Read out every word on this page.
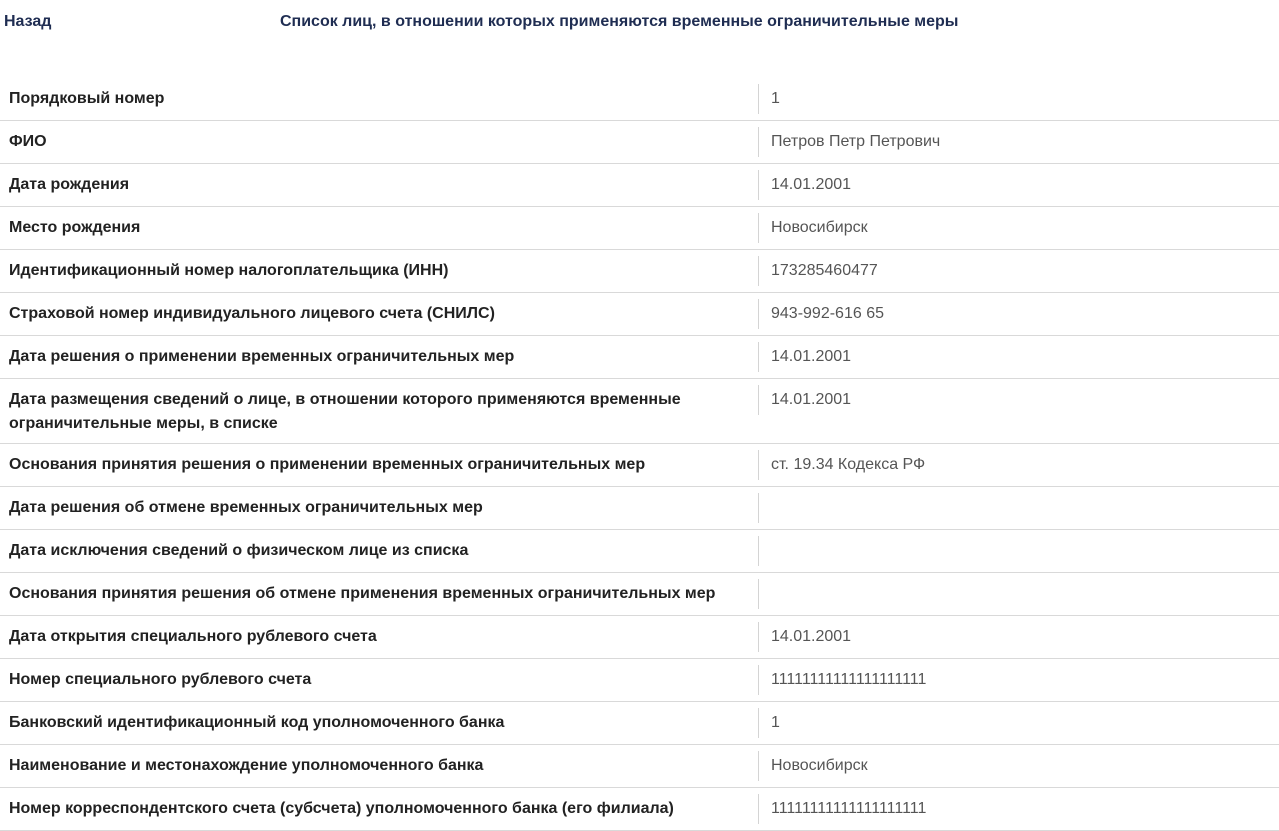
Назад	Список лиц, в отношении которых применяются временные ограничительные меры
Порядковый номер	1

ФИО	Петров Петр Петрович

Дата рождения	14.01.2001

Место рождения	Новосибирск

Идентификационный номер налогоплательщика (ИНН)	173285460477

Страховой номер индивидуального лицевого счета (СНИЛС)	943-992-616 65

Дата решения о применении временных ограничительных мер	14.01.2001

Дата размещения сведений о лице, в отношении которого применяются временные ограничительные меры, в списке	14.01.2001

Основания принятия решения о применении временных ограничительных мер	ст. 19.34 Кодекса РФ

Дата решения об отмене временных ограничительных мер	

Дата исключения сведений о физическом лице из списка	

Основания принятия решения об отмене применения временных ограничительных мер	

Дата открытия специального рублевого счета	14.01.2001

Номер специального рублевого счета	11111111111111111111

Банковский идентификационный код уполномоченного банка	1

Наименование и местонахождение уполномоченного банка	Новосибирск

Номер корреспондентского счета (субсчета) уполномоченного банка (его филиала)	11111111111111111111
